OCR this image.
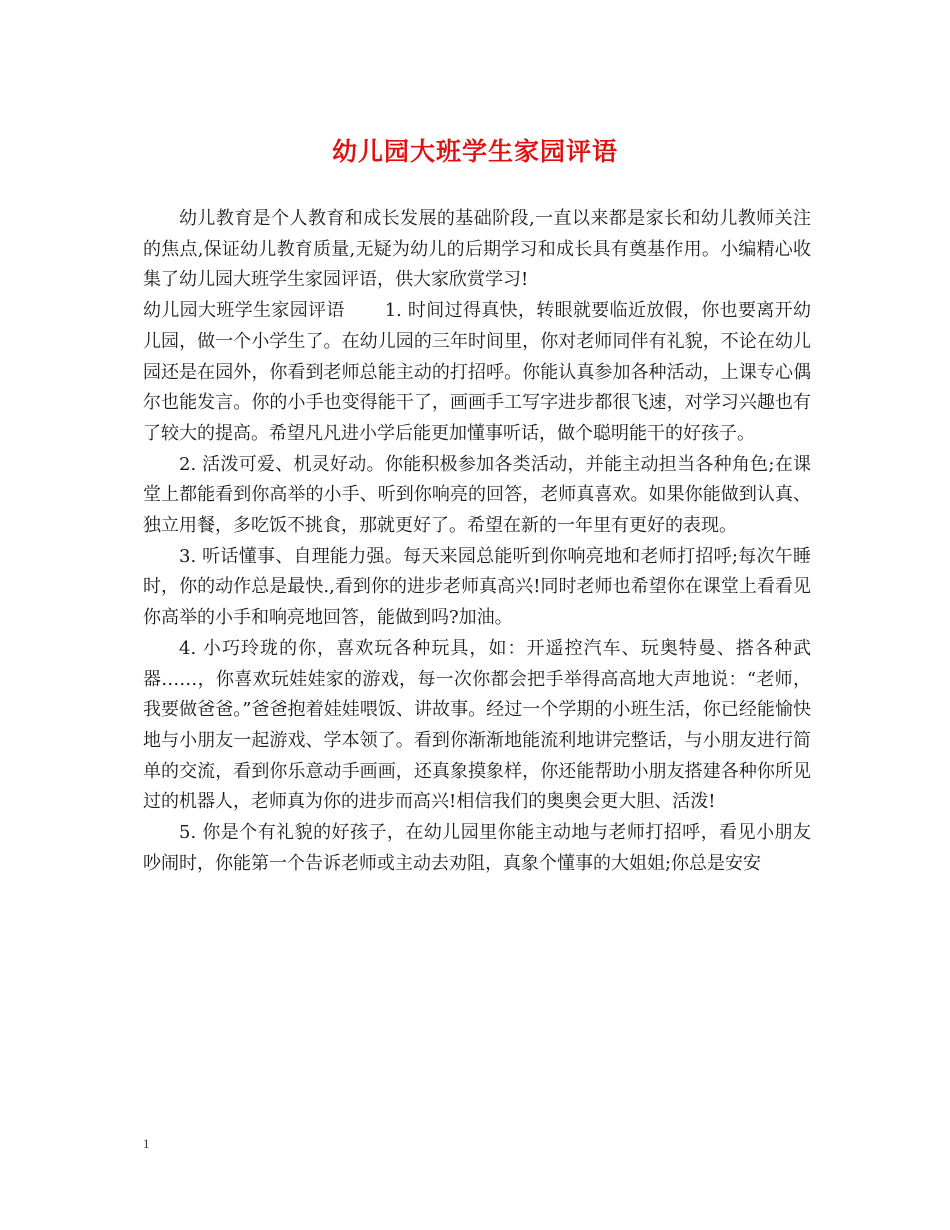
幼儿园大班学生家园评语

幼儿教育是个人教育和成长发展的基础阶段,一直以来都是家长和幼儿教师关注的焦点,保证幼儿教育质量,无疑为幼儿的后期学习和成长具有奠基作用。小编精心收集了幼儿园大班学生家园评语，供大家欣赏学习!

幼儿园大班学生家园评语 1. 时间过得真快，转眼就要临近放假，你也要离开幼儿园，做一个小学生了。在幼儿园的三年时间里，你对老师同伴有礼貌，不论在幼儿园还是在园外，你看到老师总能主动的打招呼。你能认真参加各种活动，上课专心偶尔也能发言。你的小手也变得能干了，画画手工写字进步都很飞速，对学习兴趣也有了较大的提高。希望凡凡进小学后能更加懂事听话，做个聪明能干的好孩子。

2. 活泼可爱、机灵好动。你能积极参加各类活动，并能主动担当各种角色;在课堂上都能看到你高举的小手、听到你响亮的回答，老师真喜欢。如果你能做到认真、独立用餐，多吃饭不挑食，那就更好了。希望在新的一年里有更好的表现。

3. 听话懂事、自理能力强。每天来园总能听到你响亮地和老师打招呼;每次午睡时，你的动作总是最快.,看到你的进步老师真高兴!同时老师也希望你在课堂上看看见你高举的小手和响亮地回答，能做到吗?加油。

4. 小巧玲珑的你，喜欢玩各种玩具，如：开遥控汽车、玩奥特曼、搭各种武器……，你喜欢玩娃娃家的游戏，每一次你都会把手举得高高地大声地说：“老师，我要做爸爸。”爸爸抱着娃娃喂饭、讲故事。经过一个学期的小班生活，你已经能愉快地与小朋友一起游戏、学本领了。看到你渐渐地能流利地讲完整话，与小朋友进行简单的交流，看到你乐意动手画画，还真象摸象样，你还能帮助小朋友搭建各种你所见过的机器人，老师真为你的进步而高兴!相信我们的奥奥会更大胆、活泼!

5. 你是个有礼貌的好孩子，在幼儿园里你能主动地与老师打招呼，看见小朋友吵闹时，你能第一个告诉老师或主动去劝阻，真象个懂事的大姐姐;你总是安安

1
